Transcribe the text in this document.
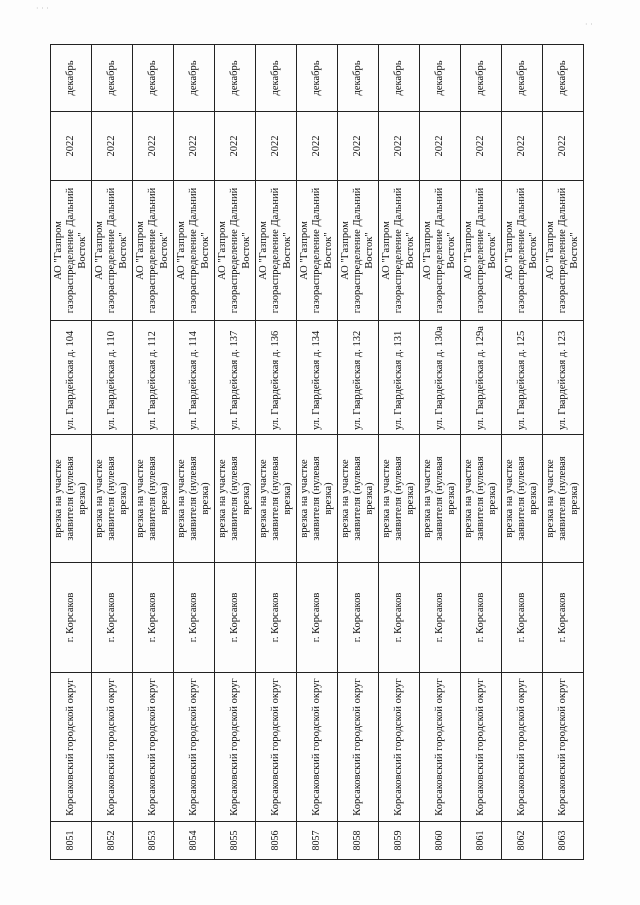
‧ ‧ ‧
‧ ‧
8051	Корсаковский городской округ	г. Корсаков	врезка на участке заявителя (нулевая врезка)	ул. Гвардейская д. 104	АО "Газпром газораспределение Дальний Восток"	2022	декабрь
8052	Корсаковский городской округ	г. Корсаков	врезка на участке заявителя (нулевая врезка)	ул. Гвардейская д. 110	АО "Газпром газораспределение Дальний Восток"	2022	декабрь
8053	Корсаковский городской округ	г. Корсаков	врезка на участке заявителя (нулевая врезка)	ул. Гвардейская д. 112	АО "Газпром газораспределение Дальний Восток"	2022	декабрь
8054	Корсаковский городской округ	г. Корсаков	врезка на участке заявителя (нулевая врезка)	ул. Гвардейская д. 114	АО "Газпром газораспределение Дальний Восток"	2022	декабрь
8055	Корсаковский городской округ	г. Корсаков	врезка на участке заявителя (нулевая врезка)	ул. Гвардейская д. 137	АО "Газпром газораспределение Дальний Восток"	2022	декабрь
8056	Корсаковский городской округ	г. Корсаков	врезка на участке заявителя (нулевая врезка)	ул. Гвардейская д. 136	АО "Газпром газораспределение Дальний Восток"	2022	декабрь
8057	Корсаковский городской округ	г. Корсаков	врезка на участке заявителя (нулевая врезка)	ул. Гвардейская д. 134	АО "Газпром газораспределение Дальний Восток"	2022	декабрь
8058	Корсаковский городской округ	г. Корсаков	врезка на участке заявителя (нулевая врезка)	ул. Гвардейская д. 132	АО "Газпром газораспределение Дальний Восток"	2022	декабрь
8059	Корсаковский городской округ	г. Корсаков	врезка на участке заявителя (нулевая врезка)	ул. Гвардейская д. 131	АО "Газпром газораспределение Дальний Восток"	2022	декабрь
8060	Корсаковский городской округ	г. Корсаков	врезка на участке заявителя (нулевая врезка)	ул. Гвардейская д. 130а	АО "Газпром газораспределение Дальний Восток"	2022	декабрь
8061	Корсаковский городской округ	г. Корсаков	врезка на участке заявителя (нулевая врезка)	ул. Гвардейская д. 129а	АО "Газпром газораспределение Дальний Восток"	2022	декабрь
8062	Корсаковский городской округ	г. Корсаков	врезка на участке заявителя (нулевая врезка)	ул. Гвардейская д. 125	АО "Газпром газораспределение Дальний Восток"	2022	декабрь
8063	Корсаковский городской округ	г. Корсаков	врезка на участке заявителя (нулевая врезка)	ул. Гвардейская д. 123	АО "Газпром газораспределение Дальний Восток"	2022	декабрь
